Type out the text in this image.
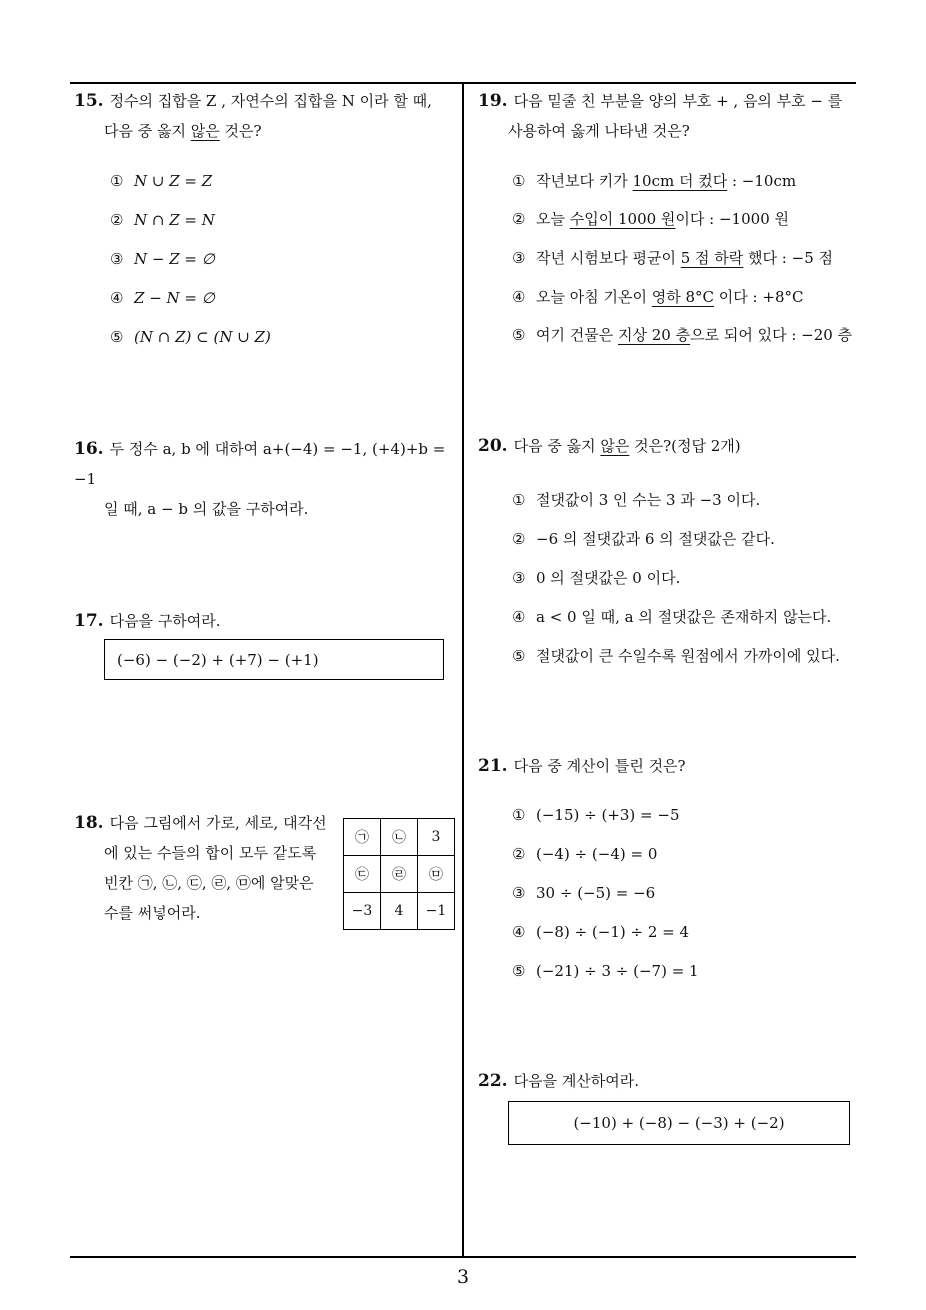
15. 정수의 집합을 Z , 자연수의 집합을 N 이라 할 때,
다음 중 옳지 않은 것은?
① N ∪ Z = Z
② N ∩ Z = N
③ N − Z = ∅
④ Z − N = ∅
⑤ (N ∩ Z) ⊂ (N ∪ Z)
16. 두 정수 a, b 에 대하여 a+(−4) = −1, (+4)+b = −1
일 때, a − b 의 값을 구하여라.
17. 다음을 구하여라.
(−6) − (−2) + (+7) − (+1)
18. 다음 그림에서 가로, 세로, 대각선
에 있는 수들의 합이 모두 같도록
빈칸 ㉠, ㉡, ㉢, ㉣, ㉤에 알맞은
수를 써넣어라.
㉠	㉡	3
㉢	㉣	㉤
−3	4	−1
19. 다음 밑줄 친 부분을 양의 부호 + , 음의 부호 − 를
사용하여 옳게 나타낸 것은?
① 작년보다 키가 10cm 더 컸다 : −10cm
② 오늘 수입이 1000 원이다 : −1000 원
③ 작년 시험보다 평균이 5 점 하락 했다 : −5 점
④ 오늘 아침 기온이 영하 8°C 이다 : +8°C
⑤ 여기 건물은 지상 20 층으로 되어 있다 : −20 층
20. 다음 중 옳지 않은 것은?(정답 2개)
① 절댓값이 3 인 수는 3 과 −3 이다.
② −6 의 절댓값과 6 의 절댓값은 같다.
③ 0 의 절댓값은 0 이다.
④ a < 0 일 때, a 의 절댓값은 존재하지 않는다.
⑤ 절댓값이 큰 수일수록 원점에서 가까이에 있다.
21. 다음 중 계산이 틀린 것은?
① (−15) ÷ (+3) = −5
② (−4) ÷ (−4) = 0
③ 30 ÷ (−5) = −6
④ (−8) ÷ (−1) ÷ 2 = 4
⑤ (−21) ÷ 3 ÷ (−7) = 1
22. 다음을 계산하여라.
(−10) + (−8) − (−3) + (−2)
3
